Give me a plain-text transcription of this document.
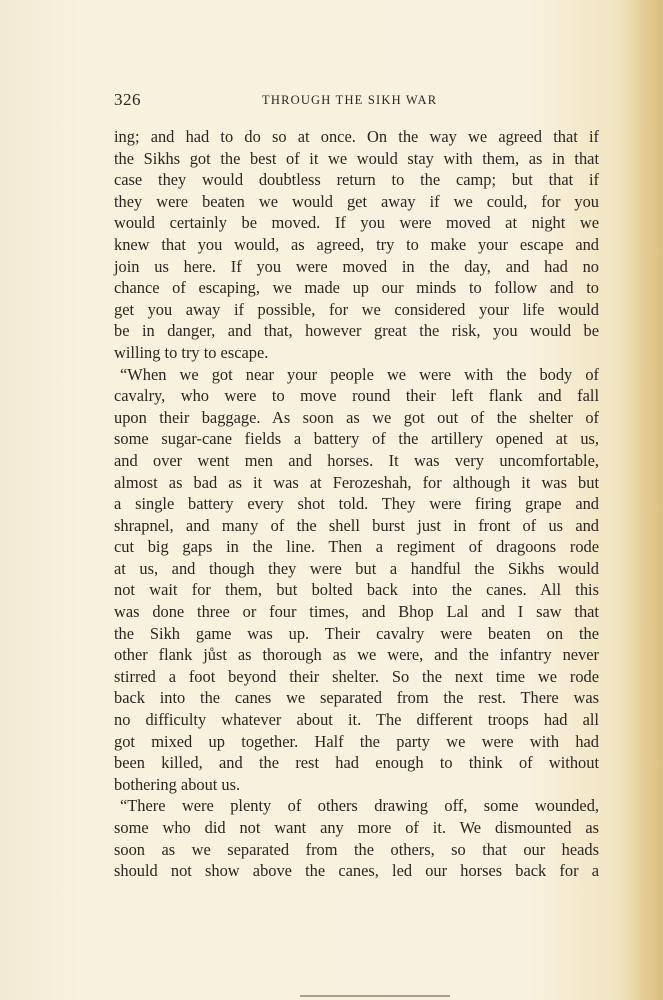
326	THROUGH THE SIKH WAR
ing; and had to do so at once. On the way we agreed that if
the Sikhs got the best of it we would stay with them, as in that
case they would doubtless return to the camp; but that if
they were beaten we would get away if we could, for you
would certainly be moved. If you were moved at night we
knew that you would, as agreed, try to make your escape and
join us here. If you were moved in the day, and had no
chance of escaping, we made up our minds to follow and to
get you away if possible, for we considered your life would
be in danger, and that, however great the risk, you would be
willing to try to escape.
“When we got near your people we were with the body of
cavalry, who were to move round their left flank and fall
upon their baggage. As soon as we got out of the shelter of
some sugar-cane fields a battery of the artillery opened at us,
and over went men and horses. It was very uncomfortable,
almost as bad as it was at Ferozeshah, for although it was but
a single battery every shot told. They were firing grape and
shrapnel, and many of the shell burst just in front of us and
cut big gaps in the line. Then a regiment of dragoons rode
at us, and though they were but a handful the Sikhs would
not wait for them, but bolted back into the canes. All this
was done three or four times, and Bhop Lal and I saw that
the Sikh game was up. Their cavalry were beaten on the
other flank jůst as thorough as we were, and the infantry never
stirred a foot beyond their shelter. So the next time we rode
back into the canes we separated from the rest. There was
no difficulty whatever about it. The different troops had all
got mixed up together. Half the party we were with had
been killed, and the rest had enough to think of without
bothering about us.
“There were plenty of others drawing off, some wounded,
some who did not want any more of it. We dismounted as
soon as we separated from the others, so that our heads
should not show above the canes, led our horses back for a
